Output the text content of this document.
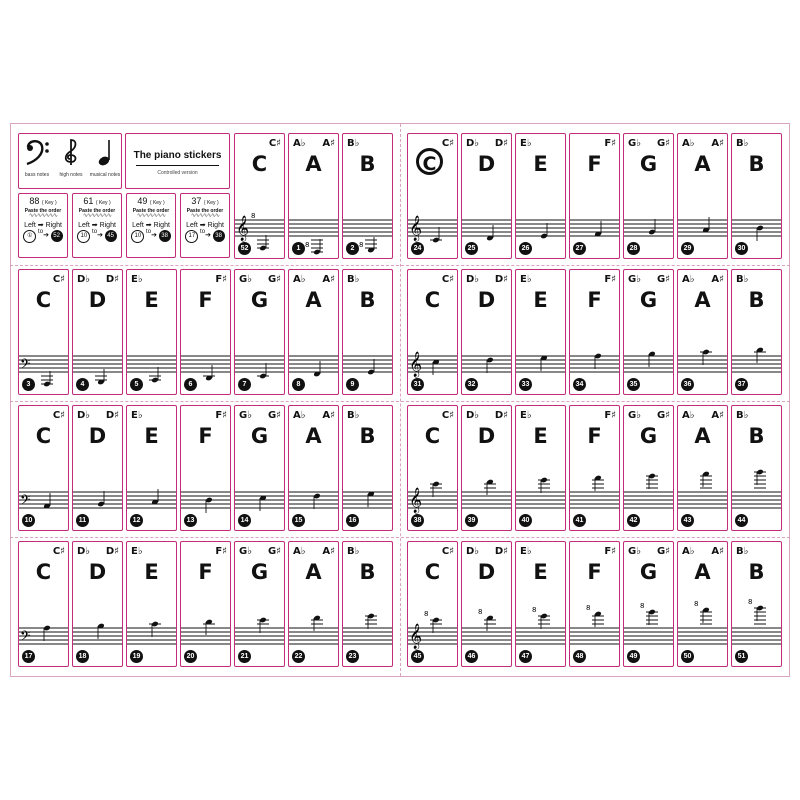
bass notes	high notes	musical notes
The piano stickers
Controlled version
88 ( Key )
Paste the order
∿∿∿∿∿∿∿
Left ➡ Right
① to➔ 52
61 ( Key )
Paste the order
∿∿∿∿∿∿∿
Left ➡ Right
10 to➔ 45
49 ( Key )
Paste the order
∿∿∿∿∿∿∿
Left ➡ Right
10 to➔ 38
37 ( Key )
Paste the order
∿∿∿∿∿∿∿
Left ➡ Right
17 to➔ 38
C♯
C
𝄞 8
52
A♭ A♯
A
8
1
B♭
B
8
2
C♯
C
𝄞
24
D♭ D♯
D
25
E♭
E
26
F♯
F
27
G♭ G♯
G
28
A♭ A♯
A
29
B♭
B
30
C♯
C
𝄢
3
D♭ D♯
D
4
E♭
E
5
F♯
F
6
G♭ G♯
G
7
A♭ A♯
A
8
B♭
B
9
C♯
C
𝄞
31
D♭ D♯
D
32
E♭
E
33
F♯
F
34
G♭ G♯
G
35
A♭ A♯
A
36
B♭
B
37
C♯
C
𝄢
10
D♭ D♯
D
11
E♭
E
12
F♯
F
13
G♭ G♯
G
14
A♭ A♯
A
15
B♭
B
16
C♯
C
𝄞
38
D♭ D♯
D
39
E♭
E
40
F♯
F
41
G♭ G♯
G
42
A♭ A♯
A
43
B♭
B
44
C♯
C
𝄢
17
D♭ D♯
D
18
E♭
E
19
F♯
F
20
G♭ G♯
G
21
A♭ A♯
A
22
B♭
B
23
C♯
C
𝄞
8
45
D♭ D♯
D
8
46
E♭
E
8
47
F♯
F
8
48
G♭ G♯
G
8
49
A♭ A♯
A
8
50
B♭
B
8
51
